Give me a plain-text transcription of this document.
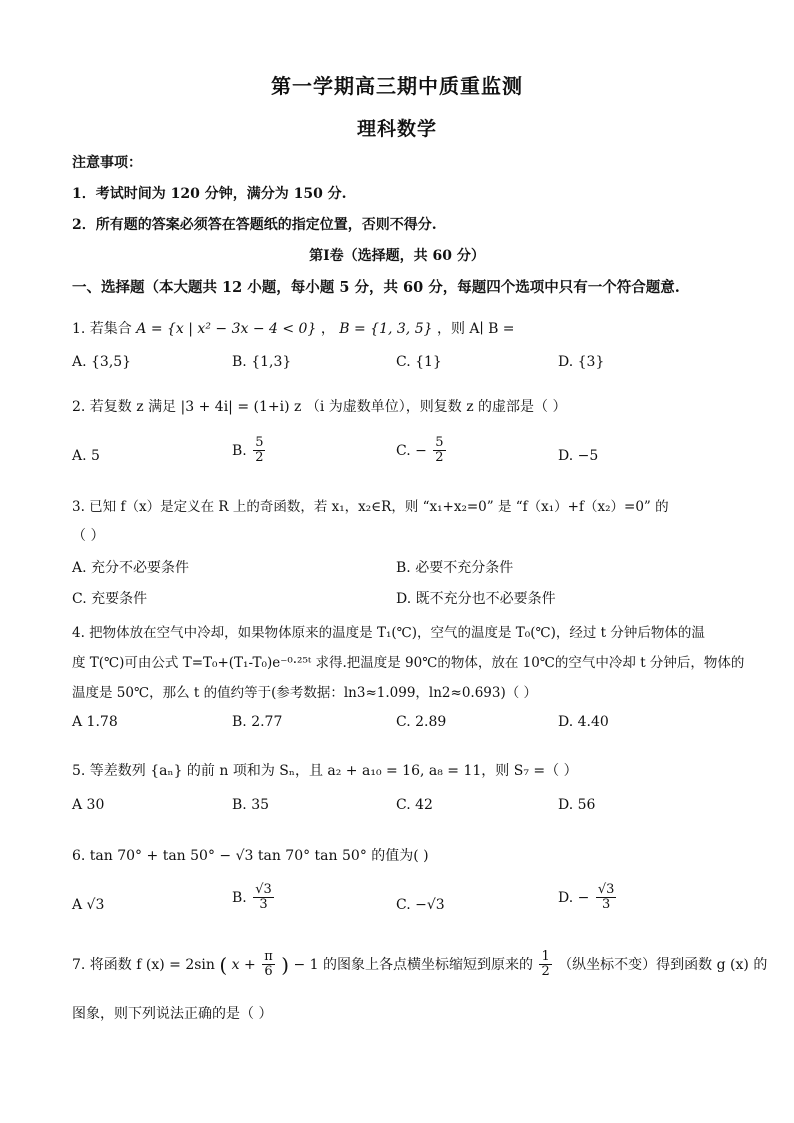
第一学期高三期中质重监测
理科数学
注意事项：
1．考试时间为 120 分钟，满分为 150 分.
2．所有题的答案必须答在答题纸的指定位置，否则不得分.
第Ⅰ卷（选择题，共 60 分）
一、选择题（本大题共 12 小题，每小题 5 分，共 60 分，每题四个选项中只有一个符合题意.
1. 若集合 A = {x | x² − 3x − 4 < 0} ， B = {1, 3, 5} ，则 A∣ B =
A. {3,5}	B. {1,3}	C. {1}	D. {3}
2. 若复数 z 满足 |3 + 4i| = (1+i) z （i 为虚数单位），则复数 z 的虚部是（ ）
A. 5	B. $\frac{5}{2}$	C. − $\frac{5}{2}$	D. −5
3. 已知 f（x）是定义在 R 上的奇函数，若 x₁，x₂∈R，则 “x₁+x₂=0” 是 “f（x₁）+f（x₂）=0” 的
（ ）
A. 充分不必要条件	B. 必要不充分条件
C. 充要条件	D. 既不充分也不必要条件
4. 把物体放在空气中冷却，如果物体原来的温度是 T₁(℃)，空气的温度是 T₀(℃)，经过 t 分钟后物体的温
度 T(℃)可由公式 T=T₀+(T₁-T₀)e⁻⁰·²⁵ᵗ 求得.把温度是 90℃的物体，放在 10℃的空气中冷却 t 分钟后，物体的
温度是 50℃，那么 t 的值约等于(参考数据：ln3≈1.099，ln2≈0.693)（ ）
A 1.78	B. 2.77	C. 2.89	D. 4.40
5. 等差数列 {aₙ} 的前 n 项和为 Sₙ，且 a₂ + a₁₀ = 16, a₈ = 11，则 S₇ =（ ）
A 30	B. 35	C. 42	D. 56
6. tan 70° + tan 50° − √3 tan 70° tan 50° 的值为( )
A √3	B. $\frac{√3}{3}$	C. −√3	D. − $\frac{√3}{3}$
7. 将函数 f (x) = 2sin ( $x + \frac{\pi}{6}$ ) − 1 的图象上各点横坐标缩短到原来的 $\frac{1}{2}$ （纵坐标不变）得到函数 g (x) 的
图象，则下列说法正确的是（ ）
